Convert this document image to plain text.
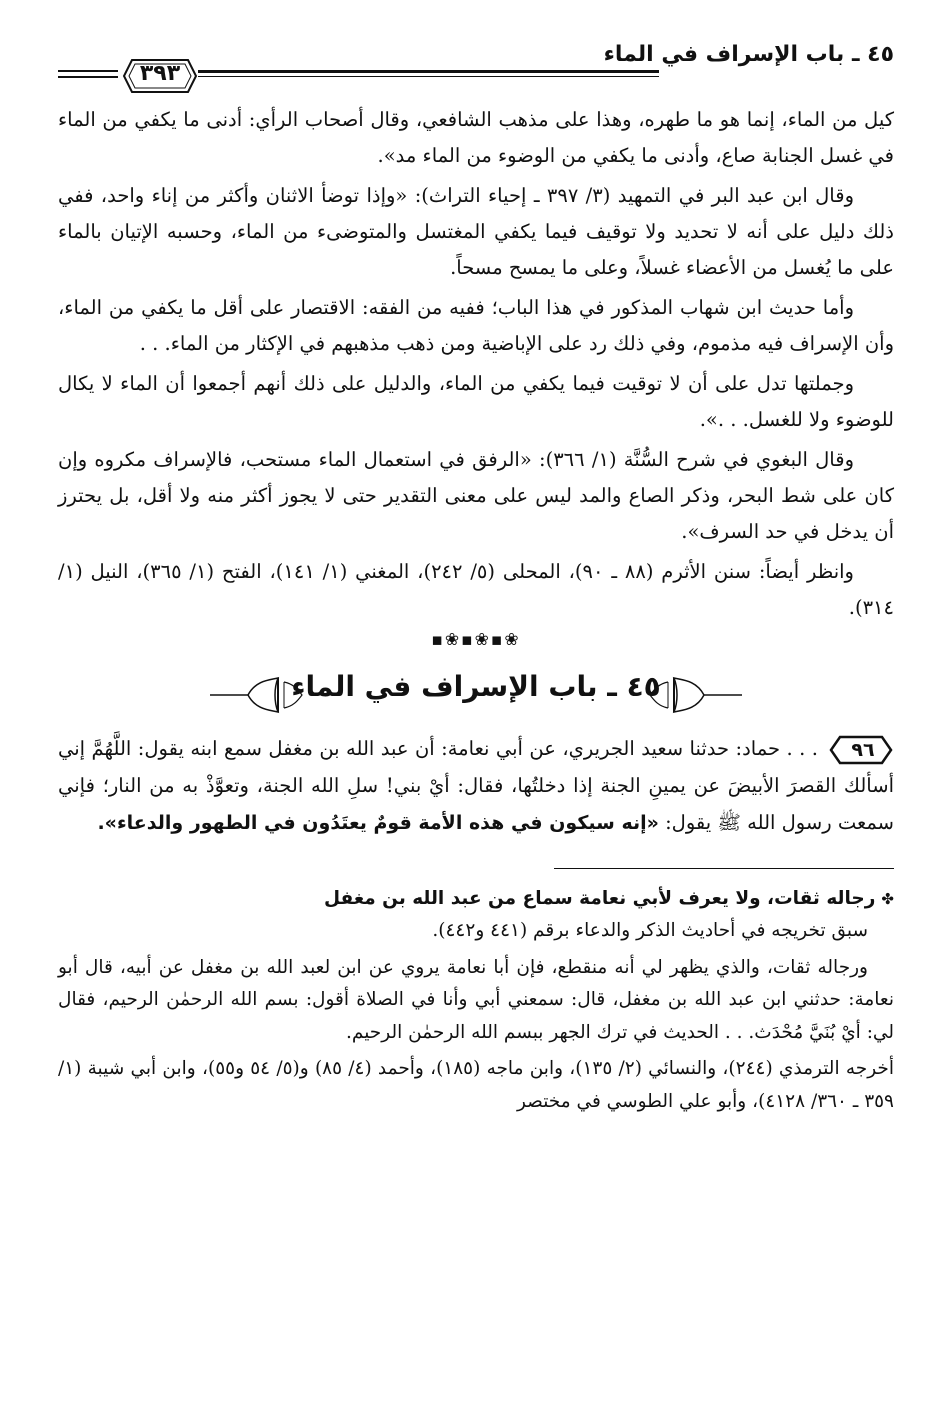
٤٥ ـ باب الإسراف في الماء
٣٩٣

كيل من الماء، إنما هو ما طهره، وهذا على مذهب الشافعي، وقال أصحاب الرأي: أدنى ما يكفي من الماء في غسل الجنابة صاع، وأدنى ما يكفي من الوضوء من الماء مد».

وقال ابن عبد البر في التمهيد (٣/ ٣٩٧ ـ إحياء التراث): «وإذا توضأ الاثنان وأكثر من إناء واحد، ففي ذلك دليل على أنه لا تحديد ولا توقيف فيما يكفي المغتسل والمتوضىء من الماء، وحسبه الإتيان بالماء على ما يُغسل من الأعضاء غسلاً، وعلى ما يمسح مسحاً.

وأما حديث ابن شهاب المذكور في هذا الباب؛ ففيه من الفقه: الاقتصار على أقل ما يكفي من الماء، وأن الإسراف فيه مذموم، وفي ذلك رد على الإباضية ومن ذهب مذهبهم في الإكثار من الماء. . .

وجملتها تدل على أن لا توقيت فيما يكفي من الماء، والدليل على ذلك أنهم أجمعوا أن الماء لا يكال للوضوء ولا للغسل. . .».

وقال البغوي في شرح السُّنَّة (١/ ٣٦٦): «الرفق في استعمال الماء مستحب، فالإسراف مكروه وإن كان على شط البحر، وذكر الصاع والمد ليس على معنى التقدير حتى لا يجوز أكثر منه ولا أقل، بل يحترز أن يدخل في حد السرف».

وانظر أيضاً: سنن الأثرم (٨٨ ـ ٩٠)، المحلى (٥/ ٢٤٢)، المغني (١/ ١٤١)، الفتح (١/ ٣٦٥)، النيل (١/ ٣١٤).

❀▪❀▪❀▪
٤٥ ـ باب الإسراف في الماء

٩٦
. . . حماد: حدثنا سعيد الجريري، عن أبي نعامة: أن عبد الله بن مغفل سمع ابنه يقول: اللَّهُمَّ إني أسألك القصرَ الأبيضَ عن يمينِ الجنة إذا دخلتُها، فقال: أيْ بني! سلِ الله الجنة، وتعوَّذْ به من النار؛ فإني سمعت رسول الله ﷺ يقول: «إنه سيكون في هذه الأمة قومٌ يعتَدُون في الطهور والدعاء».

✤رجاله ثقات، ولا يعرف لأبي نعامة سماع من عبد الله بن مغفل

سبق تخريجه في أحاديث الذكر والدعاء برقم (٤٤١ و٤٤٢).

ورجاله ثقات، والذي يظهر لي أنه منقطع، فإن أبا نعامة يروي عن ابن لعبد الله بن مغفل عن أبيه، قال أبو نعامة: حدثني ابن عبد الله بن مغفل، قال: سمعني أبي وأنا في الصلاة أقول: بسم الله الرحمٰن الرحيم، فقال لي: أيْ بُنَيَّ مُحْدَث. . . الحديث في ترك الجهر ببسم الله الرحمٰن الرحيم.

أخرجه الترمذي (٢٤٤)، والنسائي (٢/ ١٣٥)، وابن ماجه (١٨٥)، وأحمد (٤/ ٨٥) و(٥/ ٥٤ و٥٥)، وابن أبي شيبة (١/ ٣٥٩ ـ ٣٦٠/ ٤١٢٨)، وأبو علي الطوسي في مختصر
